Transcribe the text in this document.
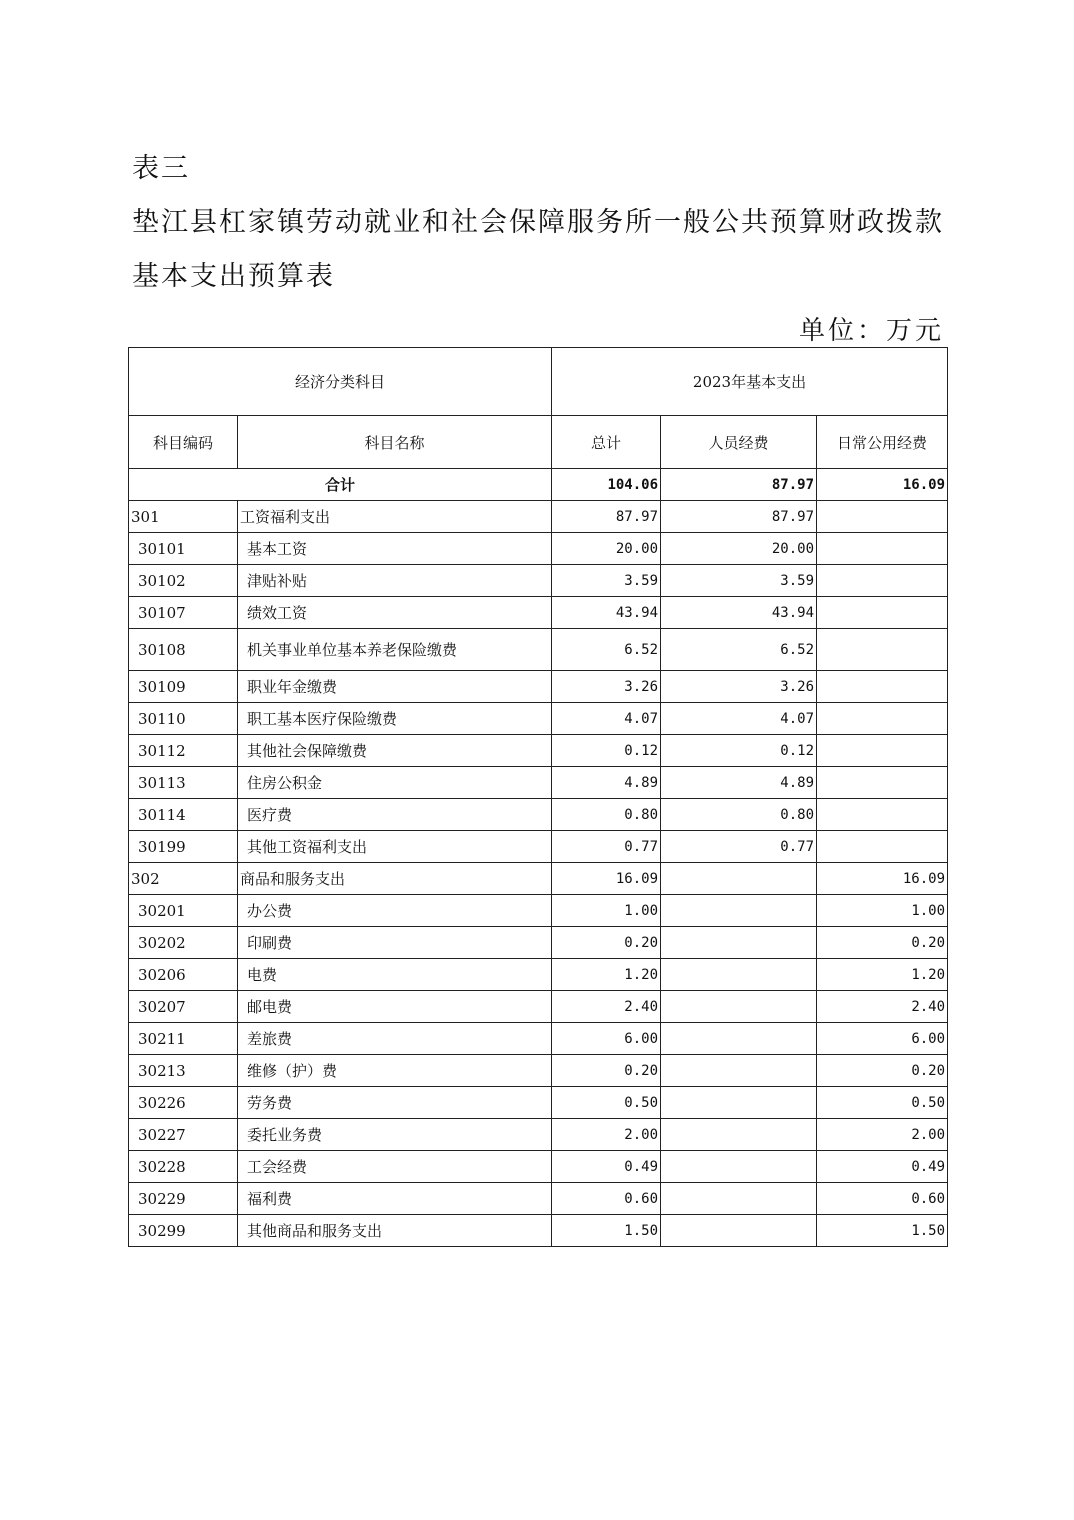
表三
垫江县杠家镇劳动就业和社会保障服务所一般公共预算财政拨款
基本支出预算表
单位：万元
经济分类科目		2023年基本支出		
科目编码	科目名称	总计	人员经费	日常公用经费
合计		104.06	87.97	16.09
301	工资福利支出	87.97	87.97	
30101	基本工资	20.00	20.00	
30102	津贴补贴	3.59	3.59	
30107	绩效工资	43.94	43.94	
30108	机关事业单位基本养老保险缴费	6.52	6.52	
30109	职业年金缴费	3.26	3.26	
30110	职工基本医疗保险缴费	4.07	4.07	
30112	其他社会保障缴费	0.12	0.12	
30113	住房公积金	4.89	4.89	
30114	医疗费	0.80	0.80	
30199	其他工资福利支出	0.77	0.77	
302	商品和服务支出	16.09		16.09
30201	办公费	1.00		1.00
30202	印刷费	0.20		0.20
30206	电费	1.20		1.20
30207	邮电费	2.40		2.40
30211	差旅费	6.00		6.00
30213	维修（护）费	0.20		0.20
30226	劳务费	0.50		0.50
30227	委托业务费	2.00		2.00
30228	工会经费	0.49		0.49
30229	福利费	0.60		0.60
30299	其他商品和服务支出	1.50		1.50
